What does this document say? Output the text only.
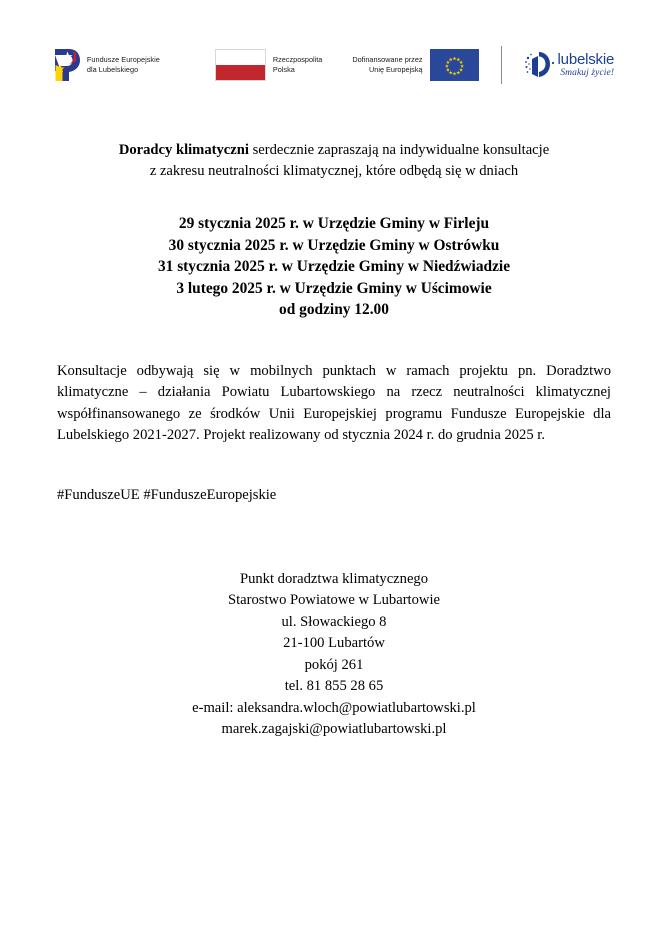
Fundusze Europejskie
dla Lubelskiego
Rzeczpospolita
Polska
Dofinansowane przez
Unię Europejską
lubelskie
Smakuj życie!
Doradcy klimatyczni serdecznie zapraszają na indywidualne konsultacje
z zakresu neutralności klimatycznej, które odbędą się w dniach
29 stycznia 2025 r. w Urzędzie Gminy w Firleju
30 stycznia 2025 r. w Urzędzie Gminy w Ostrówku
31 stycznia 2025 r. w Urzędzie Gminy w Niedźwiadzie
3 lutego 2025 r. w Urzędzie Gminy w Uścimowie
od godziny 12.00
Konsultacje odbywają się w mobilnych punktach w ramach projektu pn. Doradztwo klimatyczne – działania Powiatu Lubartowskiego na rzecz neutralności klimatycznej współfinansowanego ze środków Unii Europejskiej programu Fundusze Europejskie dla Lubelskiego 2021-2027. Projekt realizowany od stycznia 2024 r. do grudnia 2025 r.
#FunduszeUE #FunduszeEuropejskie
Punkt doradztwa klimatycznego
Starostwo Powiatowe w Lubartowie
ul. Słowackiego 8
21-100 Lubartów
pokój 261
tel. 81 855 28 65
e-mail: aleksandra.wloch@powiatlubartowski.pl
marek.zagajski@powiatlubartowski.pl
